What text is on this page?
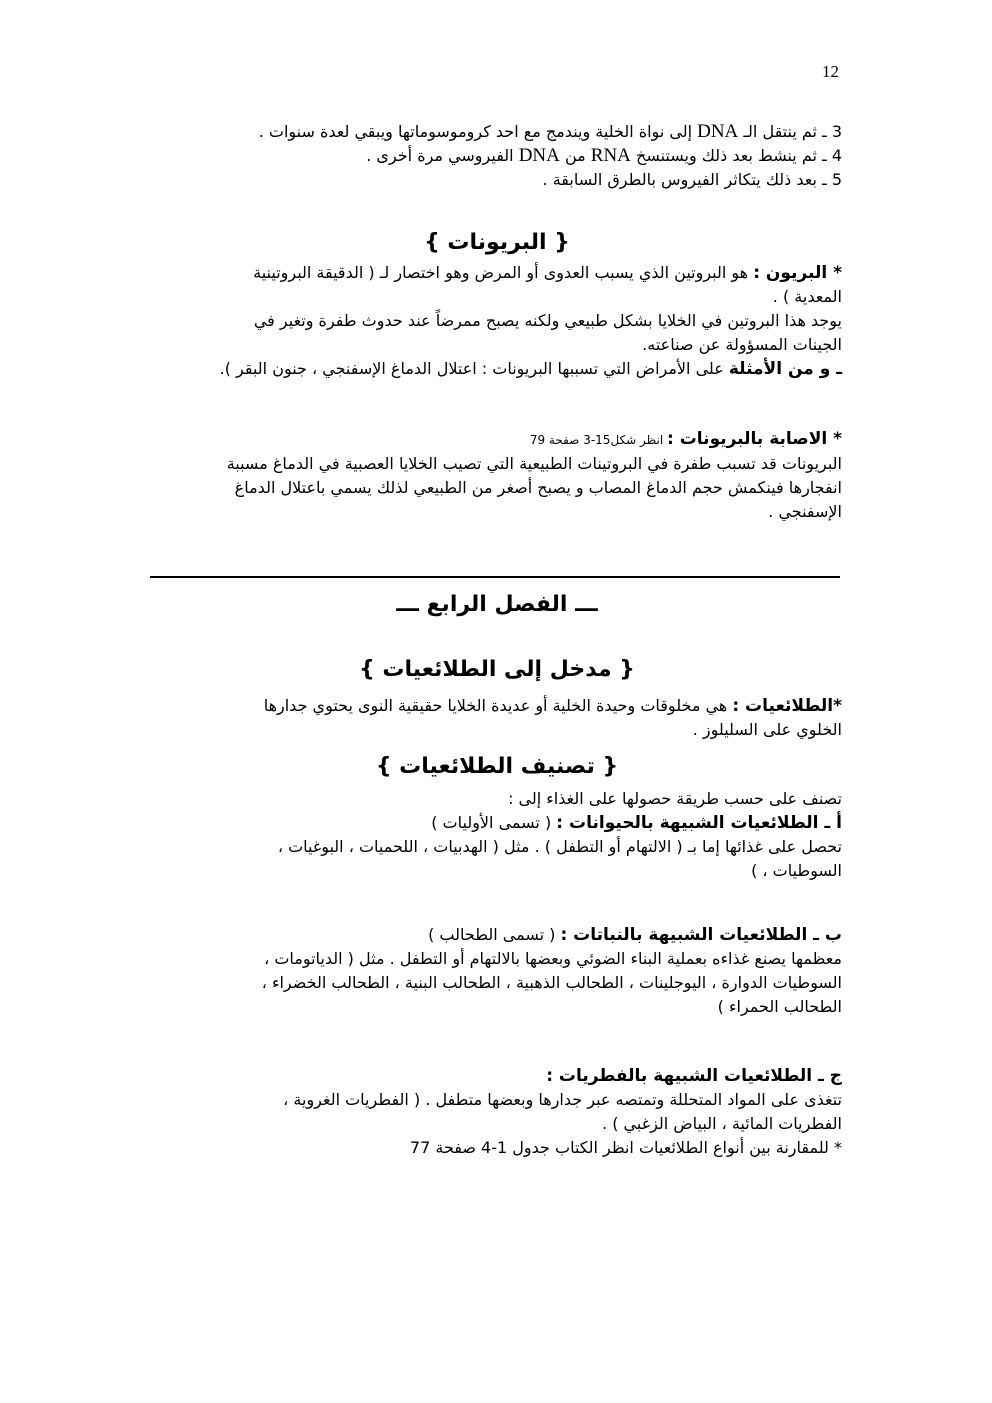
12
3 ـ ثم ينتقل الـ DNA إلى نواة الخلية ويندمج مع احد كروموسوماتها ويبقي لعدة سنوات .
4 ـ ثم ينشط بعد ذلك ويستنسخ RNA من DNA الفيروسي مرة أخرى .
5 ـ بعد ذلك يتكاثر الفيروس بالطرق السابقة .
{ البريونات }
* البريون : هو البروتين الذي يسبب العدوى أو المرض وهو اختصار لـ ( الدقيقة البروتينية
المعدية ) .
يوجد هذا البروتين في الخلايا بشكل طبيعي ولكنه يصبح ممرضاً عند حدوث طفرة وتغير في
الجينات المسؤولة عن صناعته.
ـ و من الأمثلة على الأمراض التي تسببها البريونات : اعتلال الدماغ الإسفنجي ، جنون البقر ).
* الاصابة بالبريونات : انظر شكل15-3 صفحة 79
البريونات قد تسبب طفرة في البروتينات الطبيعية التي تصيب الخلايا العصبية في الدماغ مسببة
انفجارها فينكمش حجم الدماغ المصاب و يصبح أصغر من الطبيعي لذلك يسمي باعتلال الدماغ
الإسفنجي .
ـــ الفصل الرابع ـــ
{ مدخل إلى الطلائعيات }
*الطلائعيات : هي مخلوقات وحيدة الخلية أو عديدة الخلايا حقيقية النوى يحتوي جدارها
الخلوي على السليلوز .
{ تصنيف الطلائعيات }
تصنف على حسب طريقة حصولها على الغذاء إلى :
أ ـ الطلائعيات الشبيهة بالحيوانات : ( تسمى الأوليات )
تحصل على غذائها إما بـ ( الالتهام أو التطفل ) . مثل ( الهدبيات ، اللحميات ، البوغيات ،
السوطيات ، )
ب ـ الطلائعيات الشبيهة بالنباتات : ( تسمى الطحالب )
معظمها يصنع غذاءه بعملية البناء الضوئي وبعضها بالالتهام أو التطفل . مثل ( الدياتومات ،
السوطيات الدوارة ، اليوجلينات ، الطحالب الذهبية ، الطحالب البنية ، الطحالب الخضراء ،
الطحالب الحمراء )
ج ـ الطلائعيات الشبيهة بالفطريات :
تتغذى على المواد المتحللة وتمتصه عبر جدارها وبعضها متطفل . ( الفطريات الغروية ،
الفطريات المائية ، البياض الزغبي ) .
* للمقارنة بين أنواع الطلائعيات انظر الكتاب جدول 1-4 صفحة 77
